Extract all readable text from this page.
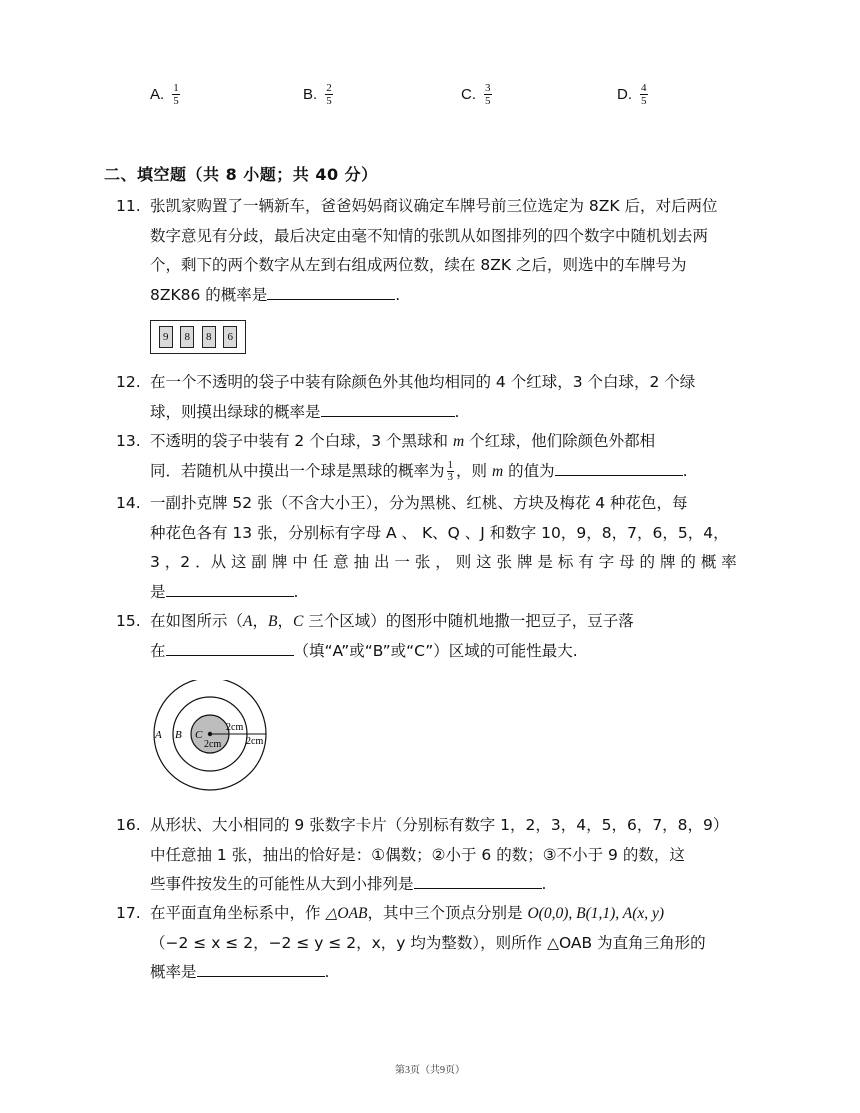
A. $\frac{1}{5}$	B. $\frac{2}{5}$	C. $\frac{3}{5}$	D. $\frac{4}{5}$
二、填空题（共 8 小题；共 40 分）
11. 张凯家购置了一辆新车，爸爸妈妈商议确定车牌号前三位选定为 8ZK 后，对后两位
数字意见有分歧，最后决定由毫不知情的张凯从如图排列的四个数字中随机划去两
个，剩下的两个数字从左到右组成两位数，续在 8ZK 之后，则选中的车牌号为
8ZK86 的概率是	.
9	8	8	6
12. 在一个不透明的袋子中装有除颜色外其他均相同的 4 个红球，3 个白球，2 个绿
球，则摸出绿球的概率是	.
13. 不透明的袋子中装有 2 个白球，3 个黑球和 m 个红球，他们除颜色外都相
同．若随机从中摸出一个球是黑球的概率为 $\frac{1}{3}$ ，则 m 的值为	.
14. 一副扑克牌 52 张（不含大小王），分为黑桃、红桃、方块及梅花 4 种花色，每
种花色各有 13 张，分别标有字母 A 、 K、Q 、J 和数字 10，9，8，7，6，5，4，
3 ，2 ．从 这 副 牌 中 任 意 抽 出 一 张 ， 则 这 张 牌 是 标 有 字 母 的 牌 的 概 率
是	.
15. 在如图所示（A，B，C 三个区域）的图形中随机地撒一把豆子，豆子落
在	（填“A”或“B”或“C”）区域的可能性最大.
A B C
2cm
2cm 2cm
16. 从形状、大小相同的 9 张数字卡片（分别标有数字 1，2，3，4，5，6，7，8，9）
中任意抽 1 张，抽出的恰好是：①偶数；②小于 6 的数；③不小于 9 的数，这
些事件按发生的可能性从大到小排列是	.
17. 在平面直角坐标系中，作 △OAB，其中三个顶点分别是 O(0,0), B(1,1), A(x, y)
（−2 ≤ x ≤ 2，−2 ≤ y ≤ 2，x，y 均为整数），则所作 △OAB 为直角三角形的
概率是	.
第3页（共9页）
